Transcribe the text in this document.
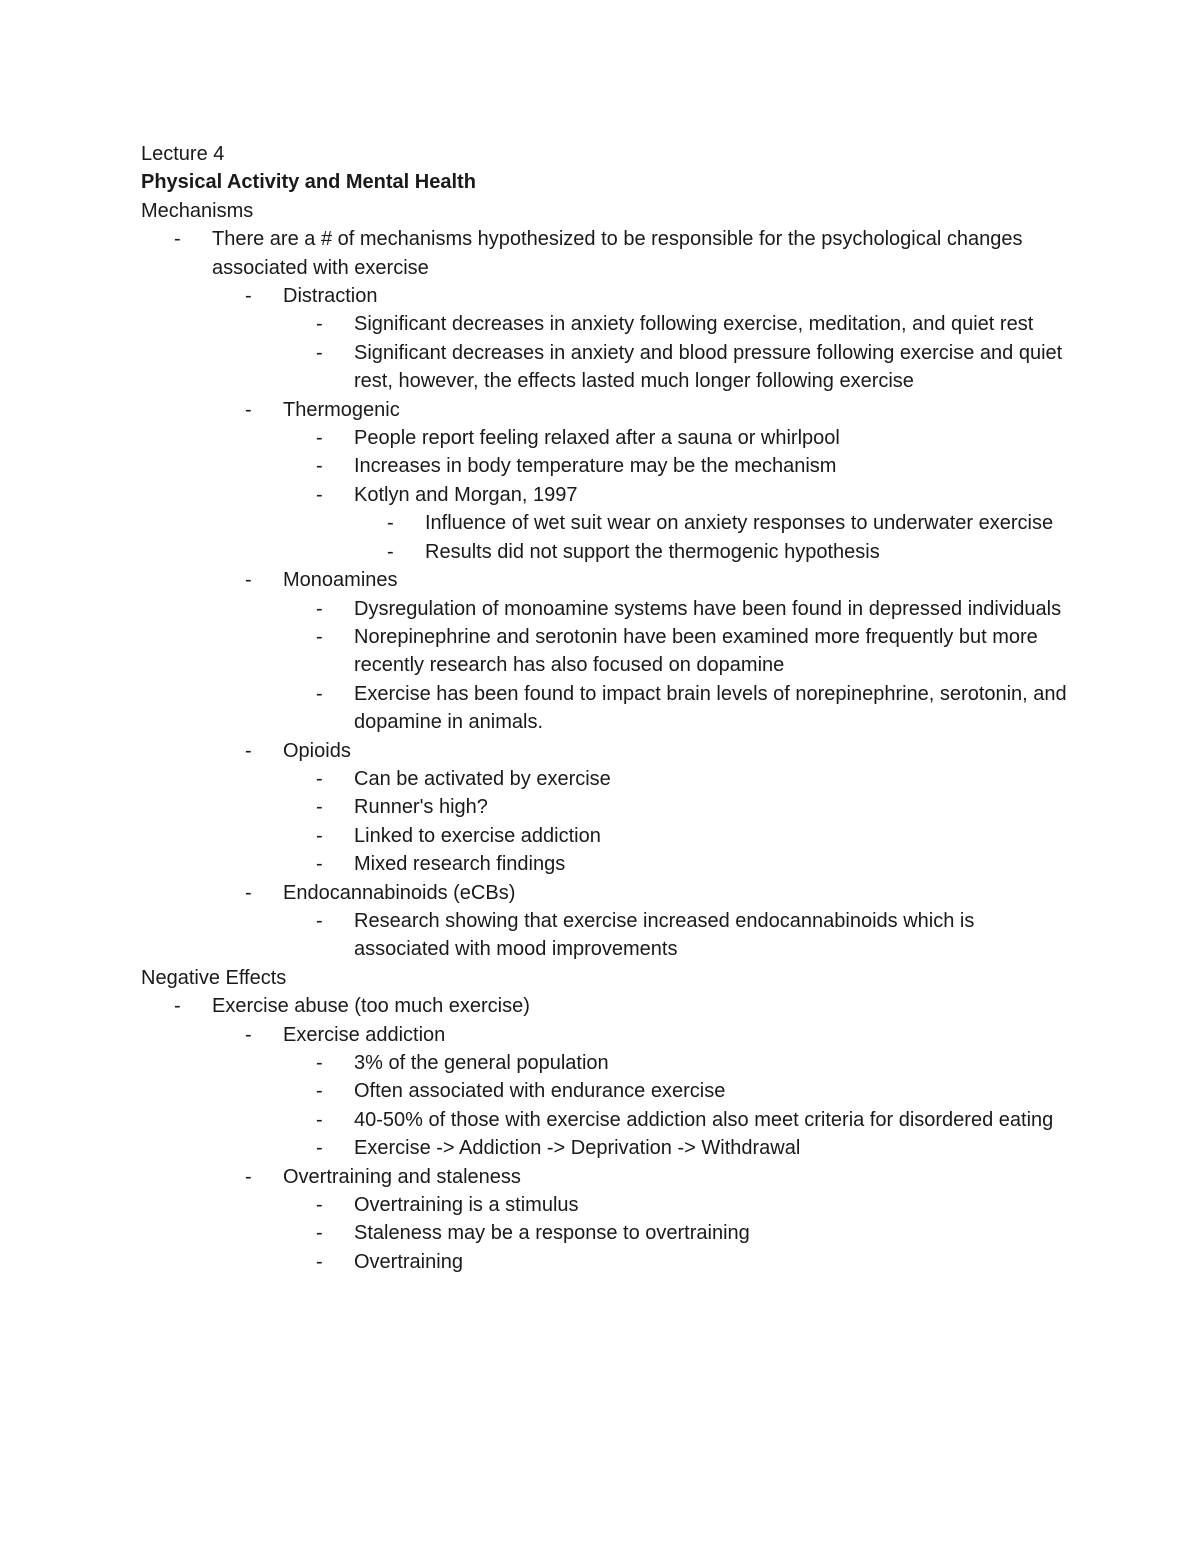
Lecture 4

Physical Activity and Mental Health

Mechanisms

- There are a # of mechanisms hypothesized to be responsible for the psychological changes associated with exercise
- Distraction
- Significant decreases in anxiety following exercise, meditation, and quiet rest
- Significant decreases in anxiety and blood pressure following exercise and quiet rest, however, the effects lasted much longer following exercise
- Thermogenic
- People report feeling relaxed after a sauna or whirlpool
- Increases in body temperature may be the mechanism
- Kotlyn and Morgan, 1997
- Influence of wet suit wear on anxiety responses to underwater exercise
- Results did not support the thermogenic hypothesis
- Monoamines
- Dysregulation of monoamine systems have been found in depressed individuals
- Norepinephrine and serotonin have been examined more frequently but more recently research has also focused on dopamine
- Exercise has been found to impact brain levels of norepinephrine, serotonin, and dopamine in animals.
- Opioids
- Can be activated by exercise
- Runner's high?
- Linked to exercise addiction
- Mixed research findings
- Endocannabinoids (eCBs)
- Research showing that exercise increased endocannabinoids which is associated with mood improvements

Negative Effects

- Exercise abuse (too much exercise)
- Exercise addiction
- 3% of the general population
- Often associated with endurance exercise
- 40-50% of those with exercise addiction also meet criteria for disordered eating
- Exercise -> Addiction -> Deprivation -> Withdrawal
- Overtraining and staleness
- Overtraining is a stimulus
- Staleness may be a response to overtraining
- Overtraining
